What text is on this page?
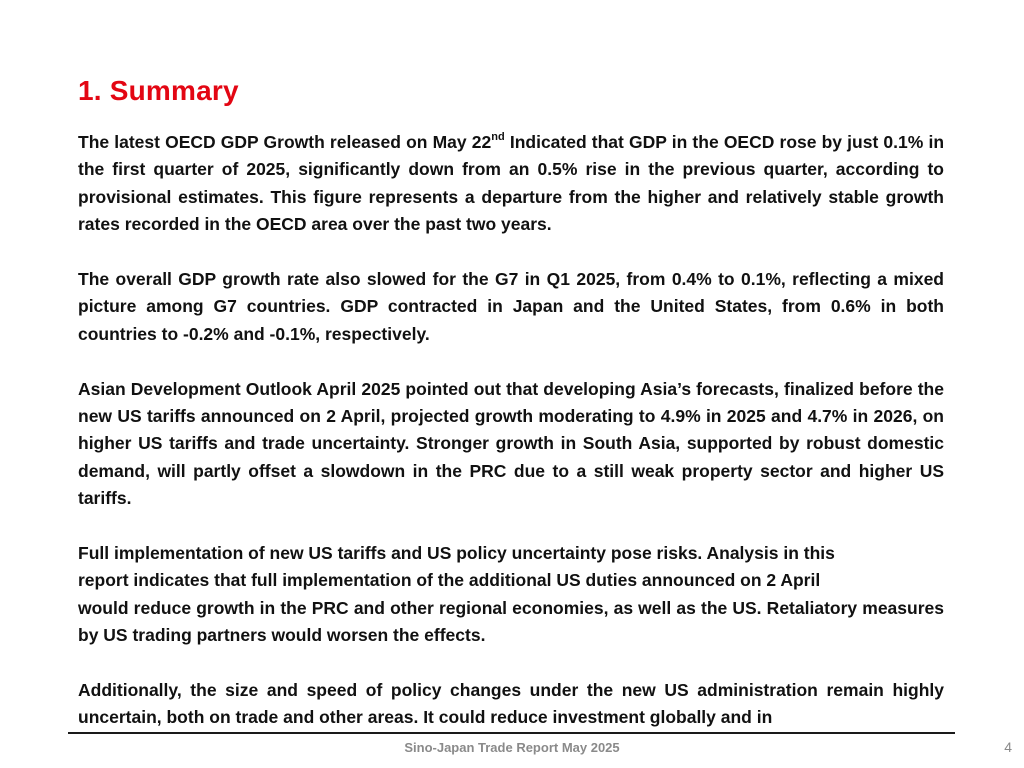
1. Summary

The latest OECD GDP Growth released on May 22nd Indicated that GDP in the OECD rose by just 0.1% in the first quarter of 2025, significantly down from an 0.5% rise in the previous quarter, according to provisional estimates. This figure represents a departure from the higher and relatively stable growth rates recorded in the OECD area over the past two years.

The overall GDP growth rate also slowed for the G7 in Q1 2025, from 0.4% to 0.1%, reflecting a mixed picture among G7 countries. GDP contracted in Japan and the United States, from 0.6% in both countries to -0.2% and -0.1%, respectively.

Asian Development Outlook April 2025 pointed out that developing Asia’s forecasts, finalized before the new US tariffs announced on 2 April, projected growth moderating to 4.9% in 2025 and 4.7% in 2026, on higher US tariffs and trade uncertainty. Stronger growth in South Asia, supported by robust domestic demand, will partly offset a slowdown in the PRC due to a still weak property sector and higher US tariffs.

Full implementation of new US tariffs and US policy uncertainty pose risks. Analysis in this
report indicates that full implementation of the additional US duties announced on 2 April
would reduce growth in the PRC and other regional economies, as well as the US. Retaliatory measures by US trading partners would worsen the effects.

Additionally, the size and speed of policy changes under the new US administration remain highly uncertain, both on trade and other areas. It could reduce investment globally and in

Sino-Japan Trade Report May 2025	4
